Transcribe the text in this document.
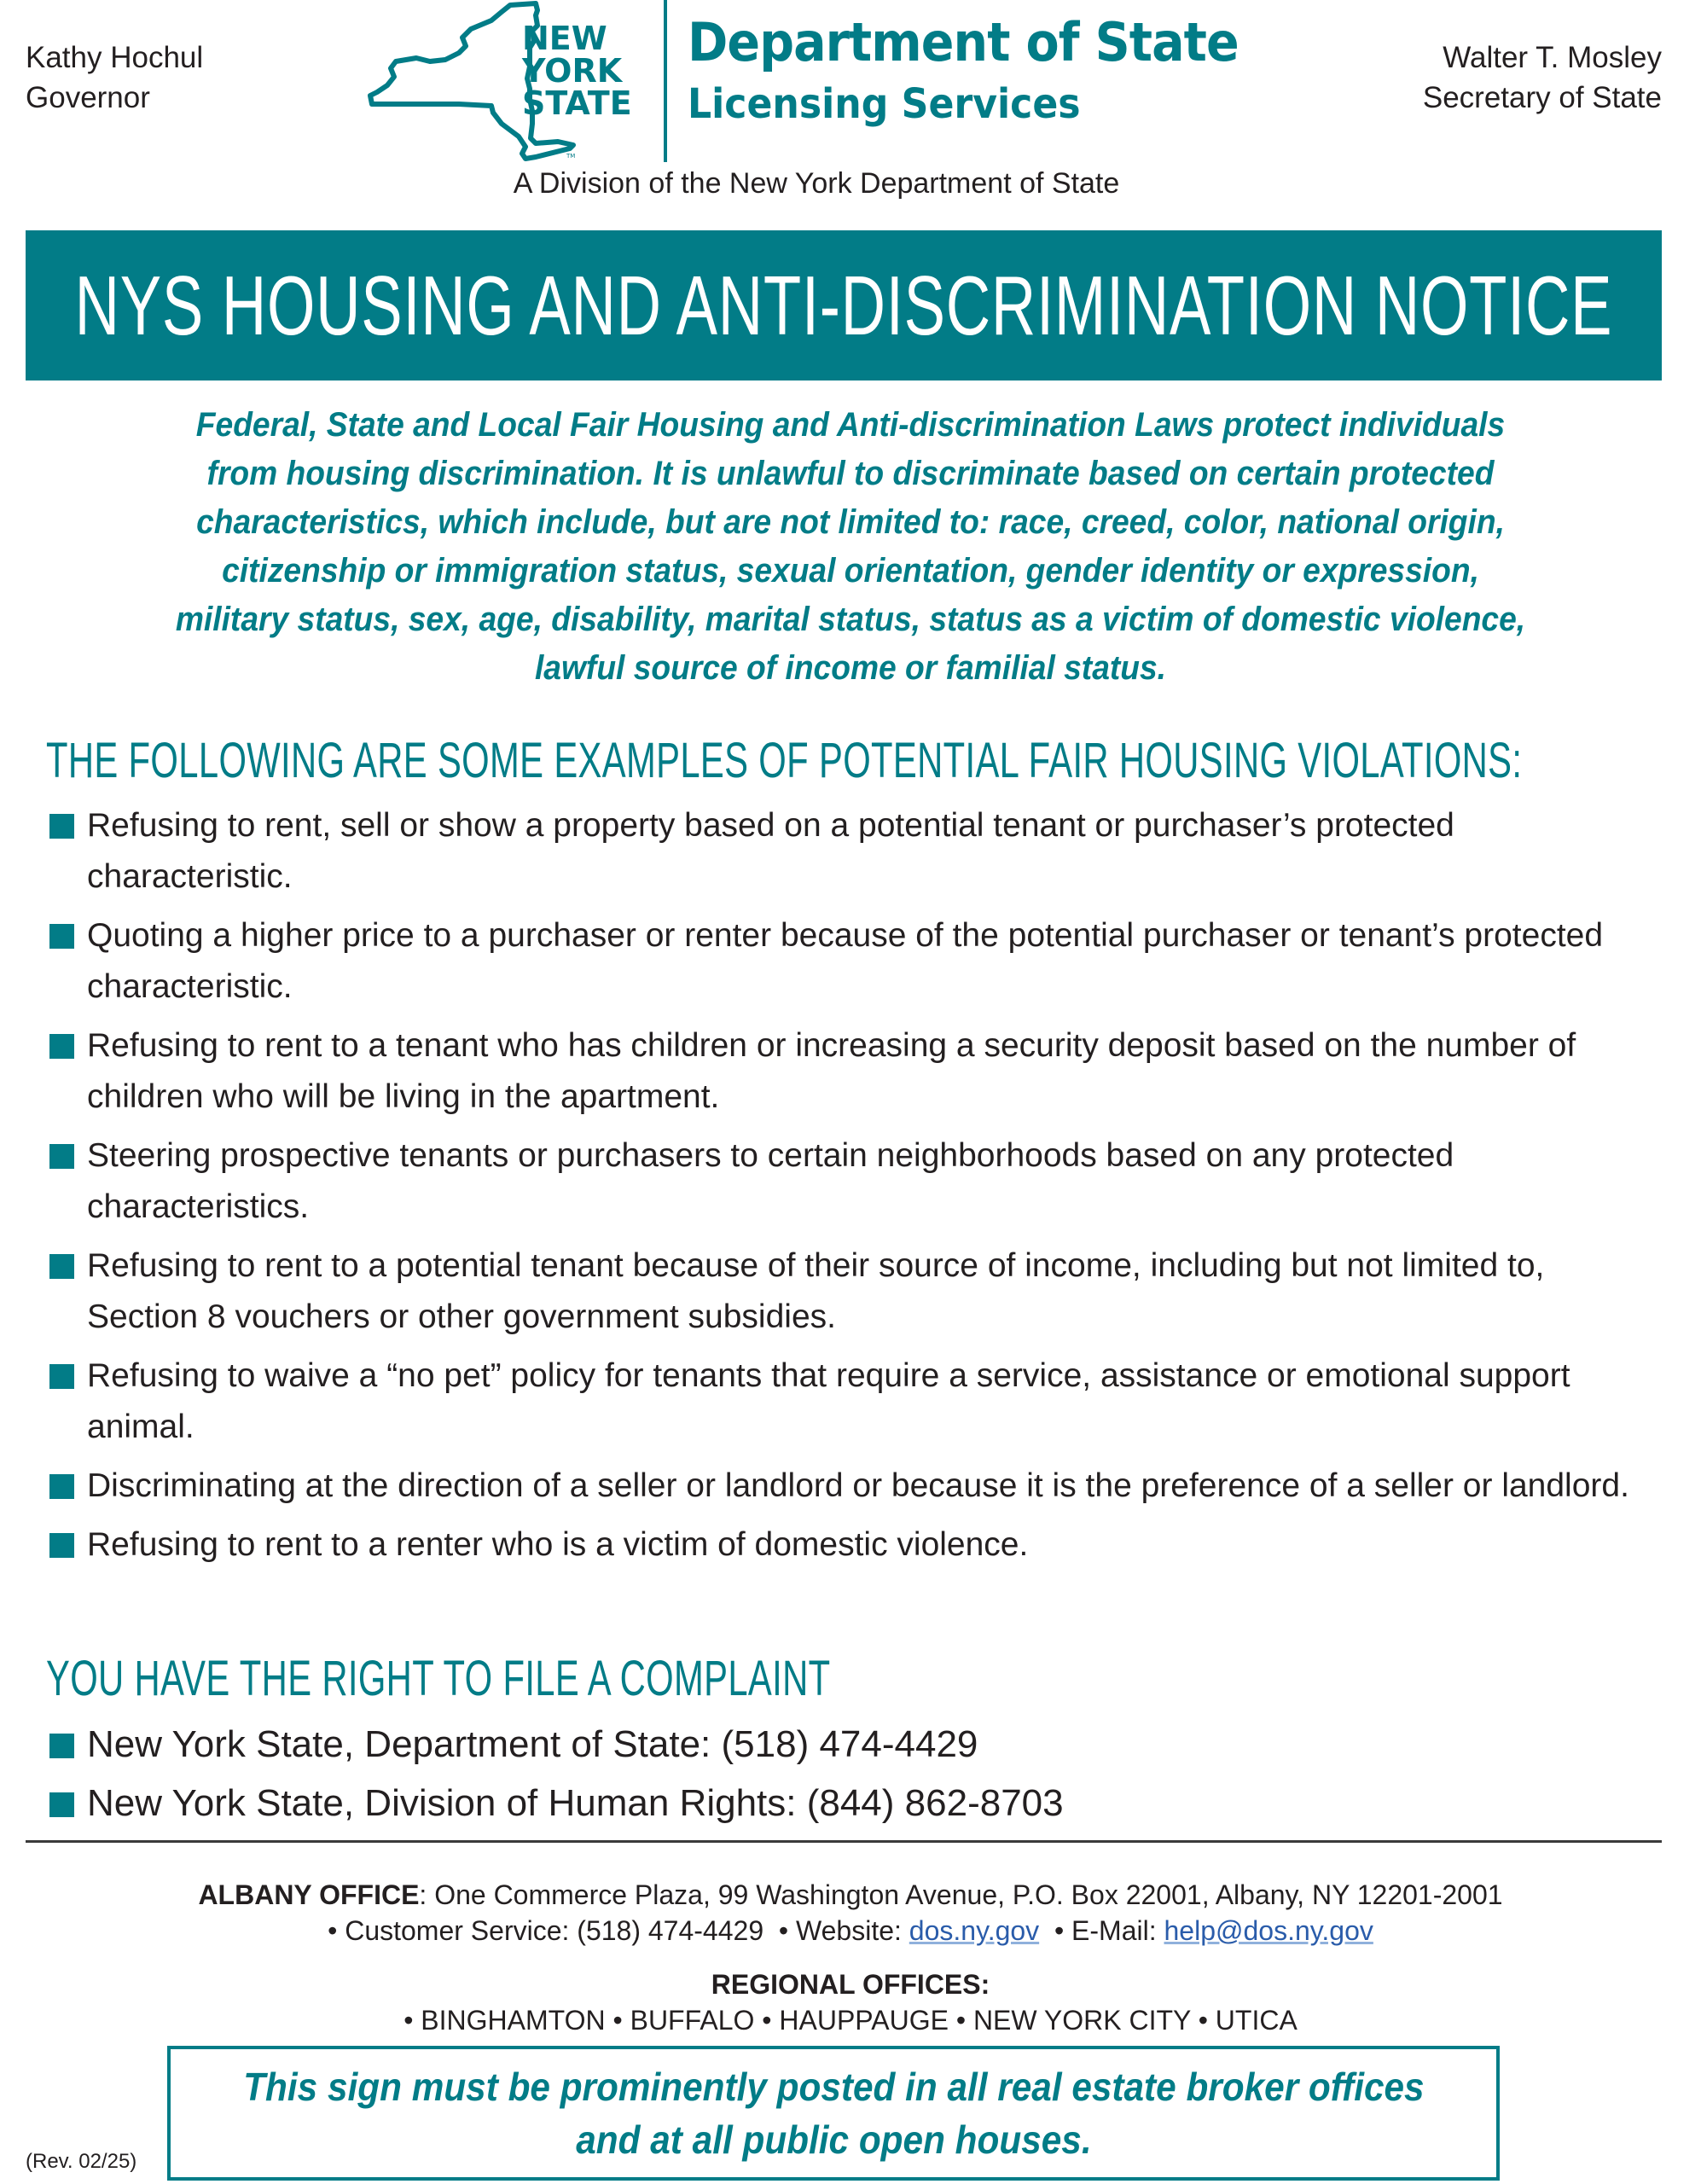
Kathy Hochul
Governor
TM
NEW
YORK
STATE
Department of State
Licensing Services
Walter T. Mosley
Secretary of State
A Division of the New York Department of State
NYS HOUSING AND ANTI-DISCRIMINATION NOTICE

Federal, State and Local Fair Housing and Anti-discrimination Laws protect individuals

from housing discrimination. It is unlawful to discriminate based on certain protected

characteristics, which include, but are not limited to: race, creed, color, national origin,

citizenship or immigration status, sexual orientation, gender identity or expression,

military status, sex, age, disability, marital status, status as a victim of domestic violence,

lawful source of income or familial status.

THE FOLLOWING ARE SOME EXAMPLES OF POTENTIAL FAIR HOUSING VIOLATIONS:
Refusing to rent, sell or show a property based on a potential tenant or purchaser’s protected characteristic.
Quoting a higher price to a purchaser or renter because of the potential purchaser or tenant’s protected characteristic.
Refusing to rent to a tenant who has children or increasing a security deposit based on the number of children who will be living in the apartment.
Steering prospective tenants or purchasers to certain neighborhoods based on any protected characteristics.
Refusing to rent to a potential tenant because of their source of income, including but not limited to, Section 8 vouchers or other government subsidies.
Refusing to waive a “no pet” policy for tenants that require a service, assistance or emotional support animal.
Discriminating at the direction of a seller or landlord or because it is the preference of a seller or landlord.
Refusing to rent to a renter who is a victim of domestic violence.
YOU HAVE THE RIGHT TO FILE A COMPLAINT
New York State, Department of State: (518) 474-4429
New York State, Division of Human Rights: (844) 862-8703
ALBANY OFFICE: One Commerce Plaza, 99 Washington Avenue, P.O. Box 22001, Albany, NY 12201-2001
• Customer Service: (518) 474-4429 • Website: dos.ny.gov • E-Mail: help@dos.ny.gov
REGIONAL OFFICES:
• BINGHAMTON • BUFFALO • HAUPPAUGE • NEW YORK CITY • UTICA

This sign must be prominently posted in all real estate broker offices

and at all public open houses.

(Rev. 02/25)
